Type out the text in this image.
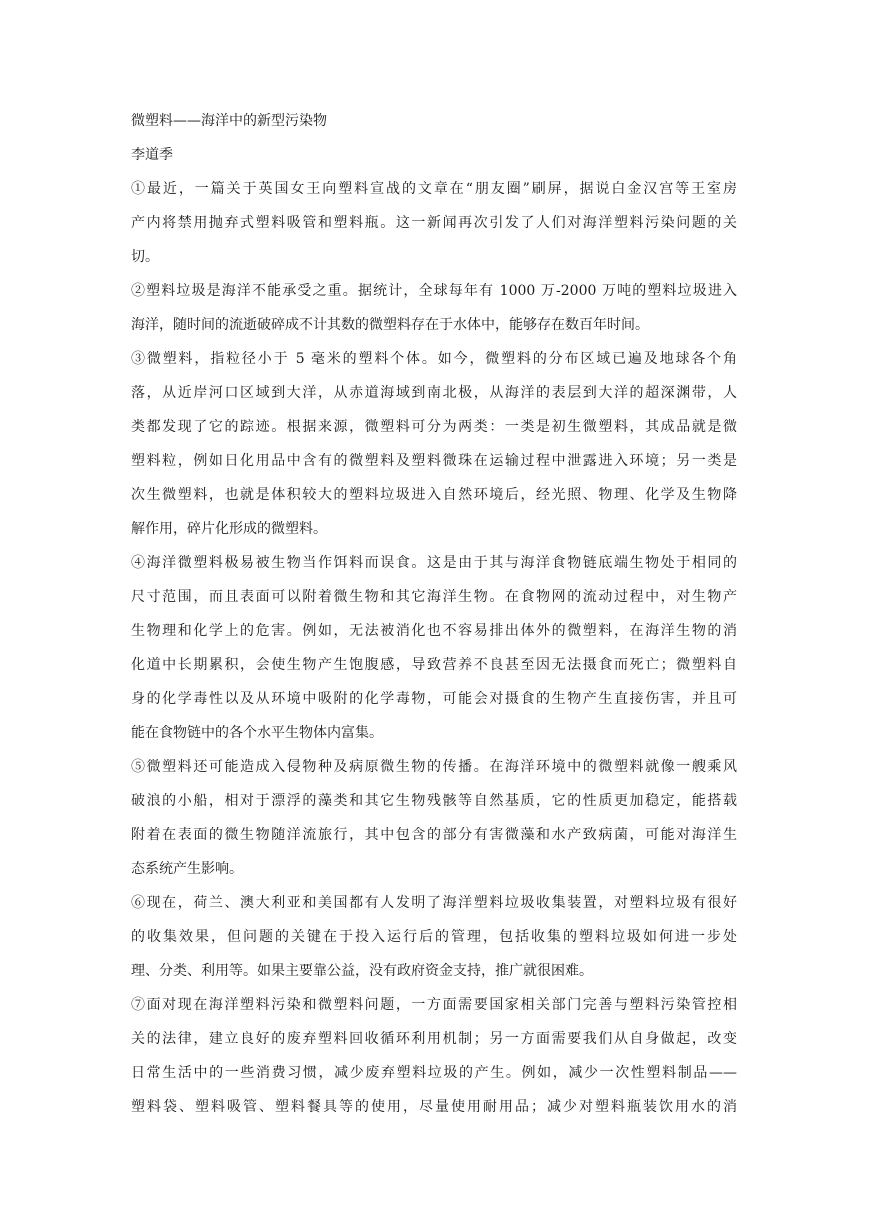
微塑料——海洋中的新型污染物
李道季
①最近，一篇关于英国女王向塑料宣战的文章在“朋友圈”刷屏，据说白金汉宫等王室房
产内将禁用抛弃式塑料吸管和塑料瓶。这一新闻再次引发了人们对海洋塑料污染问题的关
切。
②塑料垃圾是海洋不能承受之重。据统计，全球每年有 1000 万-2000 万吨的塑料垃圾进入
海洋，随时间的流逝破碎成不计其数的微塑料存在于水体中，能够存在数百年时间。
③微塑料，指粒径小于 5 毫米的塑料个体。如今，微塑料的分布区域已遍及地球各个角
落，从近岸河口区域到大洋，从赤道海域到南北极，从海洋的表层到大洋的超深渊带，人
类都发现了它的踪迹。根据来源，微塑料可分为两类：一类是初生微塑料，其成品就是微
塑料粒，例如日化用品中含有的微塑料及塑料微珠在运输过程中泄露进入环境；另一类是
次生微塑料，也就是体积较大的塑料垃圾进入自然环境后，经光照、物理、化学及生物降
解作用，碎片化形成的微塑料。
④海洋微塑料极易被生物当作饵料而误食。这是由于其与海洋食物链底端生物处于相同的
尺寸范围，而且表面可以附着微生物和其它海洋生物。在食物网的流动过程中，对生物产
生物理和化学上的危害。例如，无法被消化也不容易排出体外的微塑料，在海洋生物的消
化道中长期累积，会使生物产生饱腹感，导致营养不良甚至因无法摄食而死亡；微塑料自
身的化学毒性以及从环境中吸附的化学毒物，可能会对摄食的生物产生直接伤害，并且可
能在食物链中的各个水平生物体内富集。
⑤微塑料还可能造成入侵物种及病原微生物的传播。在海洋环境中的微塑料就像一艘乘风
破浪的小船，相对于漂浮的藻类和其它生物残骸等自然基质，它的性质更加稳定，能搭载
附着在表面的微生物随洋流旅行，其中包含的部分有害微藻和水产致病菌，可能对海洋生
态系统产生影响。
⑥现在，荷兰、澳大利亚和美国都有人发明了海洋塑料垃圾收集装置，对塑料垃圾有很好
的收集效果，但问题的关键在于投入运行后的管理，包括收集的塑料垃圾如何进一步处
理、分类、利用等。如果主要靠公益，没有政府资金支持，推广就很困难。
⑦面对现在海洋塑料污染和微塑料问题，一方面需要国家相关部门完善与塑料污染管控相
关的法律，建立良好的废弃塑料回收循环利用机制；另一方面需要我们从自身做起，改变
日常生活中的一些消费习惯，减少废弃塑料垃圾的产生。例如，减少一次性塑料制品——
塑料袋、塑料吸管、塑料餐具等的使用，尽量使用耐用品；减少对塑料瓶装饮用水的消
